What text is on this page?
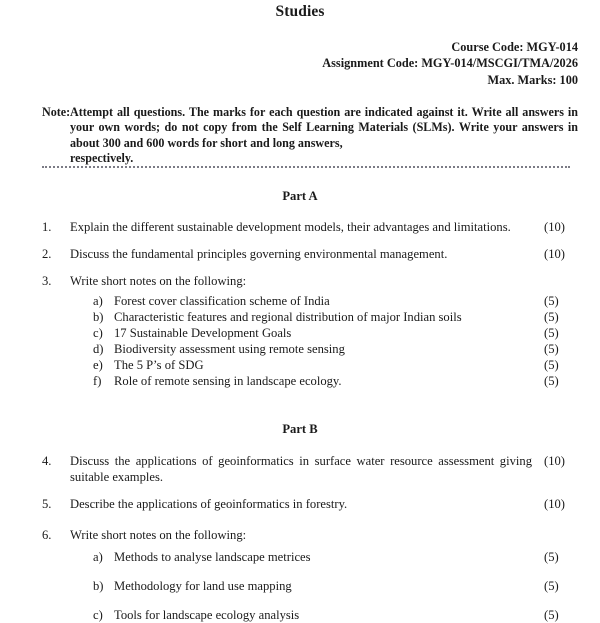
Studies
Course Code: MGY-014
Assignment Code: MGY-014/MSCGI/TMA/2026
Max. Marks: 100
Note: Attempt all questions. The marks for each question are indicated against it. Write all answers in your own words; do not copy from the Self Learning Materials (SLMs). Write your answers in about 300 and 600 words for short and long answers,
respectively.
Part A
1.	Explain the different sustainable development models, their advantages and limitations.	(10)
2.	Discuss the fundamental principles governing environmental management.	(10)
3.	Write short notes on the following:
a) Forest cover classification scheme of India	(5)
b) Characteristic features and regional distribution of major Indian soils	(5)
c) 17 Sustainable Development Goals	(5)
d) Biodiversity assessment using remote sensing	(5)
e) The 5 P’s of SDG	(5)
f)	Role of remote sensing in landscape ecology.	(5)
Part B
4.	Discuss the applications of geoinformatics in surface water resource assessment giving suitable examples.
(10)
5.	Describe the applications of geoinformatics in forestry.	(10)
6.	Write short notes on the following:
a) Methods to analyse landscape metrices	(5)
b) Methodology for land use mapping	(5)
c) Tools for landscape ecology analysis	(5)
